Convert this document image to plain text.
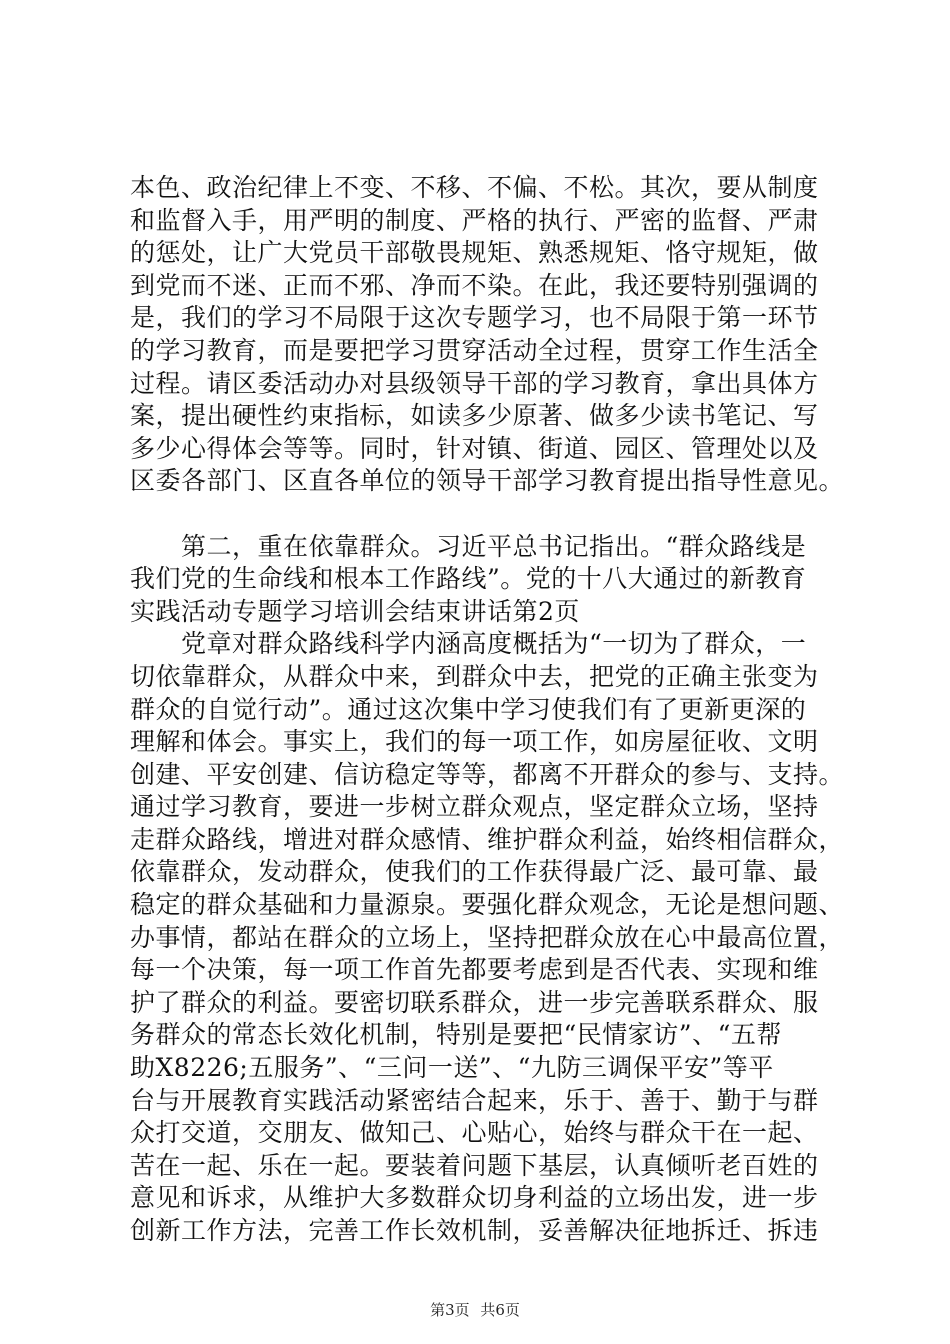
本色、政治纪律上不变、不移、不偏、不松。其次，要从制度
和监督入手，用严明的制度、严格的执行、严密的监督、严肃
的惩处，让广大党员干部敬畏规矩、熟悉规矩、恪守规矩，做
到党而不迷、正而不邪、净而不染。在此，我还要特别强调的
是，我们的学习不局限于这次专题学习，也不局限于第一环节
的学习教育，而是要把学习贯穿活动全过程，贯穿工作生活全
过程。请区委活动办对县级领导干部的学习教育，拿出具体方
案，提出硬性约束指标，如读多少原著、做多少读书笔记、写
多少心得体会等等。同时，针对镇、街道、园区、管理处以及
区委各部门、区直各单位的领导干部学习教育提出指导性意见。
　　第二，重在依靠群众。习近平总书记指出。“群众路线是
我们党的生命线和根本工作路线”。党的十八大通过的新教育
实践活动专题学习培训会结束讲话第2页
　　党章对群众路线科学内涵高度概括为“一切为了群众，一
切依靠群众，从群众中来，到群众中去，把党的正确主张变为
群众的自觉行动”。通过这次集中学习使我们有了更新更深的
理解和体会。事实上，我们的每一项工作，如房屋征收、文明
创建、平安创建、信访稳定等等，都离不开群众的参与、支持。
通过学习教育，要进一步树立群众观点，坚定群众立场，坚持
走群众路线，增进对群众感情、维护群众利益，始终相信群众，
依靠群众，发动群众，使我们的工作获得最广泛、最可靠、最
稳定的群众基础和力量源泉。要强化群众观念，无论是想问题、
办事情，都站在群众的立场上，坚持把群众放在心中最高位置，
每一个决策，每一项工作首先都要考虑到是否代表、实现和维
护了群众的利益。要密切联系群众，进一步完善联系群众、服
务群众的常态长效化机制，特别是要把“民情家访”、“五帮
助X8226;五服务”、“三问一送”、“九防三调保平安”等平
台与开展教育实践活动紧密结合起来，乐于、善于、勤于与群
众打交道，交朋友、做知己、心贴心，始终与群众干在一起、
苦在一起、乐在一起。要装着问题下基层，认真倾听老百姓的
意见和诉求，从维护大多数群众切身利益的立场出发，进一步
创新工作方法，完善工作长效机制，妥善解决征地拆迁、拆违
第3页 共6页
